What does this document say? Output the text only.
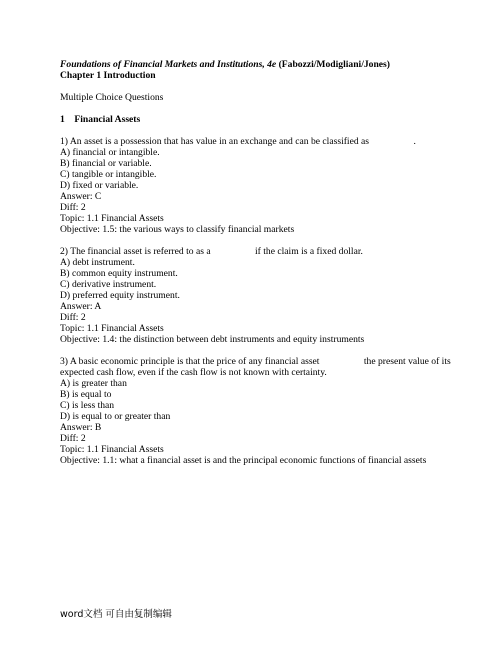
Foundations of Financial Markets and Institutions, 4e (Fabozzi/Modigliani/Jones)

Chapter 1 Introduction

Multiple Choice Questions

1 Financial Assets

1) An asset is a possession that has value in an exchange and can be classified as	.

A) financial or intangible.

B) financial or variable.

C) tangible or intangible.

D) fixed or variable.

Answer: C

Diff: 2

Topic: 1.1 Financial Assets

Objective: 1.5: the various ways to classify financial markets

2) The financial asset is referred to as a	if the claim is a fixed dollar.

A) debt instrument.

B) common equity instrument.

C) derivative instrument.

D) preferred equity instrument.

Answer: A

Diff: 2

Topic: 1.1 Financial Assets

Objective: 1.4: the distinction between debt instruments and equity instruments

3) A basic economic principle is that the price of any financial asset	the present value of its expected cash flow, even if the cash flow is not known with certainty.

A) is greater than

B) is equal to

C) is less than

D) is equal to or greater than

Answer: B

Diff: 2

Topic: 1.1 Financial Assets

Objective: 1.1: what a financial asset is and the principal economic functions of financial assets

word文档 可自由复制编辑
